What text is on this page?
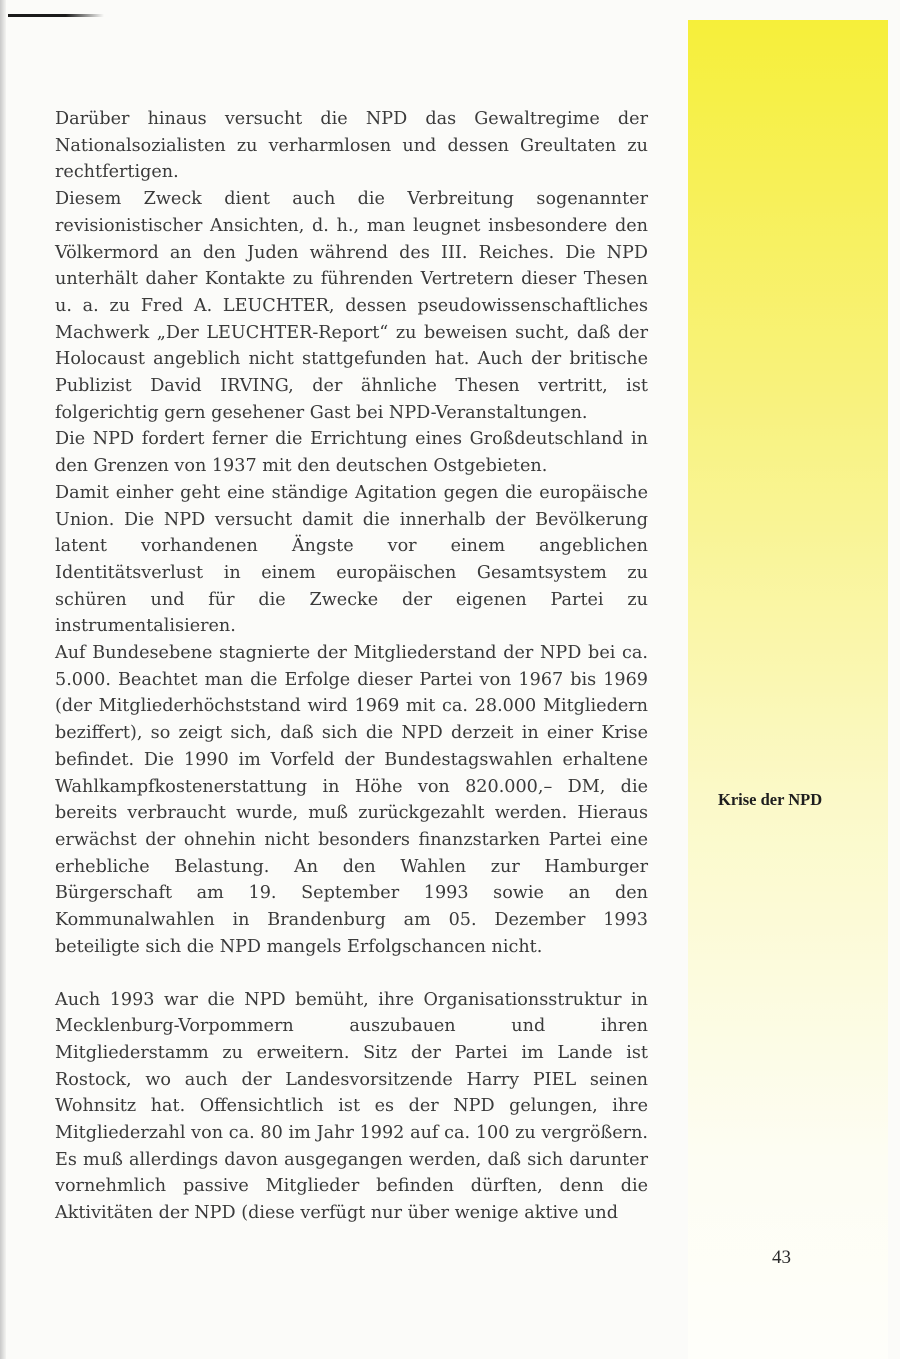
Darüber hinaus versucht die NPD das Gewaltregime der Nationalsozialisten zu verharmlosen und dessen Greultaten zu rechtfertigen.

Diesem Zweck dient auch die Verbreitung sogenannter revisionistischer Ansichten, d. h., man leugnet insbesondere den Völkermord an den Juden während des III. Reiches. Die NPD unterhält daher Kontakte zu führenden Vertretern dieser Thesen u. a. zu Fred A. LEUCHTER, dessen pseudowissenschaftliches Machwerk „Der LEUCHTER-Report“ zu beweisen sucht, daß der Holocaust angeblich nicht stattgefunden hat. Auch der britische Publizist David IRVING, der ähnliche Thesen vertritt, ist folgerichtig gern gesehener Gast bei NPD-Veranstaltungen.

Die NPD fordert ferner die Errichtung eines Großdeutschland in den Grenzen von 1937 mit den deutschen Ostgebieten.

Damit einher geht eine ständige Agitation gegen die europäische Union. Die NPD versucht damit die innerhalb der Bevölkerung latent vorhandenen Ängste vor einem angeblichen Identitätsverlust in einem europäischen Gesamtsystem zu schüren und für die Zwecke der eigenen Partei zu instrumentalisieren.

Auf Bundesebene stagnierte der Mitgliederstand der NPD bei ca. 5.000. Beachtet man die Erfolge dieser Partei von 1967 bis 1969 (der Mitgliederhöchststand wird 1969 mit ca. 28.000 Mitgliedern beziffert), so zeigt sich, daß sich die NPD derzeit in einer Krise befindet. Die 1990 im Vorfeld der Bundestagswahlen erhaltene Wahlkampfkostenerstattung in Höhe von 820.000,– DM, die bereits verbraucht wurde, muß zurückgezahlt werden. Hieraus erwächst der ohnehin nicht besonders finanzstarken Partei eine erhebliche Belastung. An den Wahlen zur Hamburger Bürgerschaft am 19. September 1993 sowie an den Kommunalwahlen in Brandenburg am 05. Dezember 1993 beteiligte sich die NPD mangels Erfolgschancen nicht.

Auch 1993 war die NPD bemüht, ihre Organisationsstruktur in Mecklenburg-Vorpommern auszubauen und ihren Mitgliederstamm zu erweitern. Sitz der Partei im Lande ist Rostock, wo auch der Landesvorsitzende Harry PIEL seinen Wohnsitz hat. Offensichtlich ist es der NPD gelungen, ihre Mitgliederzahl von ca. 80 im Jahr 1992 auf ca. 100 zu vergrößern. Es muß allerdings davon ausgegangen werden, daß sich darunter vornehmlich passive Mitglieder befinden dürften, denn die Aktivitäten der NPD (diese verfügt nur über wenige aktive und

Krise der NPD
43
